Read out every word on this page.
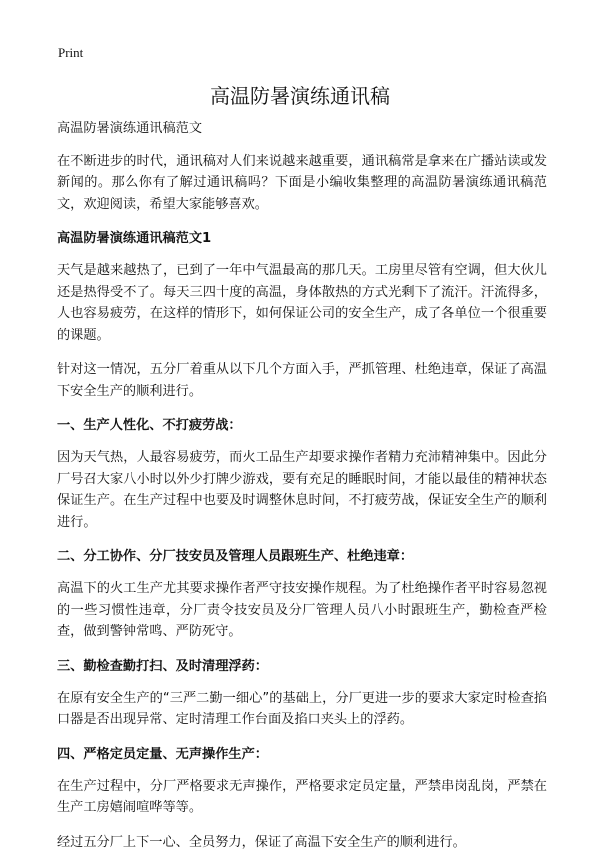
Print
高温防暑演练通讯稿

高温防暑演练通讯稿范文

在不断进步的时代，通讯稿对人们来说越来越重要，通讯稿常是拿来在广播站读或发新闻的。那么你有了解过通讯稿吗？下面是小编收集整理的高温防暑演练通讯稿范文，欢迎阅读，希望大家能够喜欢。

高温防暑演练通讯稿范文1

天气是越来越热了，已到了一年中气温最高的那几天。工房里尽管有空调，但大伙儿还是热得受不了。每天三四十度的高温，身体散热的方式光剩下了流汗。汗流得多，人也容易疲劳，在这样的情形下，如何保证公司的安全生产，成了各单位一个很重要的课题。

针对这一情况，五分厂着重从以下几个方面入手，严抓管理、杜绝违章，保证了高温下安全生产的顺利进行。

一、生产人性化、不打疲劳战：

因为天气热，人最容易疲劳，而火工品生产却要求操作者精力充沛精神集中。因此分厂号召大家八小时以外少打牌少游戏，要有充足的睡眠时间，才能以最佳的精神状态保证生产。在生产过程中也要及时调整休息时间，不打疲劳战，保证安全生产的顺利进行。

二、分工协作、分厂技安员及管理人员跟班生产、杜绝违章：

高温下的火工生产尤其要求操作者严守技安操作规程。为了杜绝操作者平时容易忽视的一些习惯性违章，分厂责令技安员及分厂管理人员八小时跟班生产，勤检查严检查，做到警钟常鸣、严防死守。

三、勤检查勤打扫、及时清理浮药：

在原有安全生产的“三严二勤一细心”的基础上，分厂更进一步的要求大家定时检查掐口器是否出现异常、定时清理工作台面及掐口夹头上的浮药。

四、严格定员定量、无声操作生产：

在生产过程中，分厂严格要求无声操作，严格要求定员定量，严禁串岗乱岗，严禁在生产工房嬉闹喧哗等等。

经过五分厂上下一心、全员努力，保证了高温下安全生产的顺利进行。
